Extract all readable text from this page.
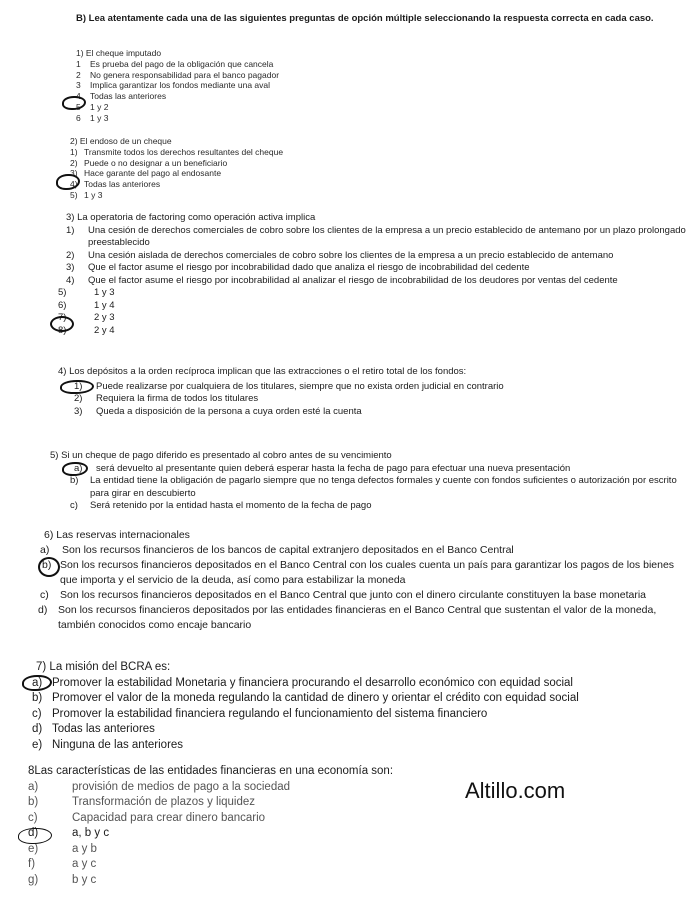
B) Lea atentamente cada una de las siguientes preguntas de opción múltiple seleccionando la respuesta correcta en cada caso.
1) El cheque imputado
1 Es prueba del pago de la obligación que cancela
2 No genera responsabilidad para el banco pagador
3 Implica garantizar los fondos mediante una aval
4 Todas las anteriores
5 1 y 2
6 1 y 3
2) El endoso de un cheque
1) Transmite todos los derechos resultantes del cheque
2) Puede o no designar a un beneficiario
3) Hace garante del pago al endosante
4) Todas las anteriores
5) 1 y 3
3) La operatoria de factoring como operación activa implica
1) Una cesión de derechos comerciales de cobro sobre los clientes de la empresa a un precio establecido de antemano por un plazo prolongado preestablecido
2) Una cesión aislada de derechos comerciales de cobro sobre los clientes de la empresa a un precio establecido de antemano
3) Que el factor asume el riesgo por incobrabilidad dado que analiza el riesgo de incobrabilidad del cedente
4) Que el factor asume el riesgo por incobrabilidad al analizar el riesgo de incobrabilidad de los deudores por ventas del cedente
5)	1 y 3
6)	1 y 4
7)	2 y 3
8)	2 y 4
4) Los depósitos a la orden recíproca implican que las extracciones o el retiro total de los fondos:
1) Puede realizarse por cualquiera de los titulares, siempre que no exista orden judicial en contrario
2) Requiera la firma de todos los titulares
3) Queda a disposición de la persona a cuya orden esté la cuenta
5) Si un cheque de pago diferido es presentado al cobro antes de su vencimiento
a) será devuelto al presentante quien deberá esperar hasta la fecha de pago para efectuar una nueva presentación
b) La entidad tiene la obligación de pagarlo siempre que no tenga defectos formales y cuente con fondos suficientes o autorización por escrito para girar en descubierto
c) Será retenido por la entidad hasta el momento de la fecha de pago
6) Las reservas internacionales
a) Son los recursos financieros de los bancos de capital extranjero depositados en el Banco Central
b) Son los recursos financieros depositados en el Banco Central con los cuales cuenta un país para garantizar los pagos de los bienes que importa y el servicio de la deuda, así como para estabilizar la moneda
c) Son los recursos financieros depositados en el Banco Central que junto con el dinero circulante constituyen la base monetaria
d) Son los recursos financieros depositados por las entidades financieras en el Banco Central que sustentan el valor de la moneda, también conocidos como encaje bancario
7) La misión del BCRA es:
a) Promover la estabilidad Monetaria y financiera procurando el desarrollo económico con equidad social
b) Promover el valor de la moneda regulando la cantidad de dinero y orientar el crédito con equidad social
c) Promover la estabilidad financiera regulando el funcionamiento del sistema financiero
d) Todas las anteriores
e) Ninguna de las anteriores
8Las características de las entidades financieras en una economía son:
a)	provisión de medios de pago a la sociedad
b)	Transformación de plazos y liquidez
c)	Capacidad para crear dinero bancario
d)	a, b y c
e)	a y b
f)	a y c
g)	b y c
Altillo.com
